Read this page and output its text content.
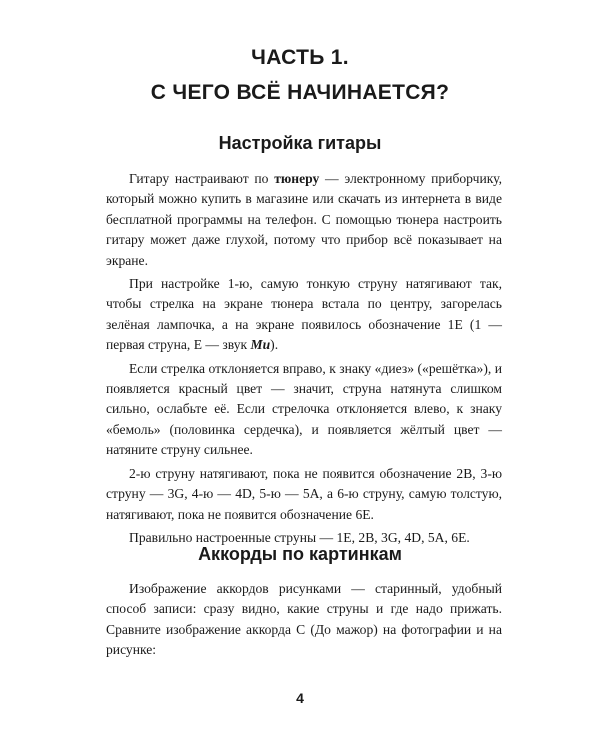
ЧАСТЬ 1.
С ЧЕГО ВСЁ НАЧИНАЕТСЯ?
Настройка гитары

Гитару настраивают по тюнеру — электронному приборчику, который можно купить в магазине или скачать из интернета в виде бесплатной программы на телефон. С помощью тюнера настроить гитару может даже глухой, потому что прибор всё показывает на экране.

При настройке 1-ю, самую тонкую струну натягивают так, чтобы стрелка на экране тюнера встала по центру, загорелась зелёная лампочка, а на экране появилось обозначение 1E (1 — первая струна, E — звук Ми).

Если стрелка отклоняется вправо, к знаку «диез» («решётка»), и появляется красный цвет — значит, струна натянута слишком сильно, ослабьте её. Если стрелочка отклоняется влево, к знаку «бемоль» (половинка сердечка), и появляется жёлтый цвет — натяните струну сильнее.

2-ю струну натягивают, пока не появится обозначение 2B, 3-ю струну — 3G, 4-ю — 4D, 5-ю — 5A, а 6-ю струну, самую толстую, натягивают, пока не появится обозначение 6E.

Правильно настроенные струны — 1E, 2B, 3G, 4D, 5A, 6E.

Аккорды по картинкам

Изображение аккордов рисунками — старинный, удобный способ записи: сразу видно, какие струны и где надо прижать. Сравните изображение аккорда С (До мажор) на фотографии и на рисунке:

4
